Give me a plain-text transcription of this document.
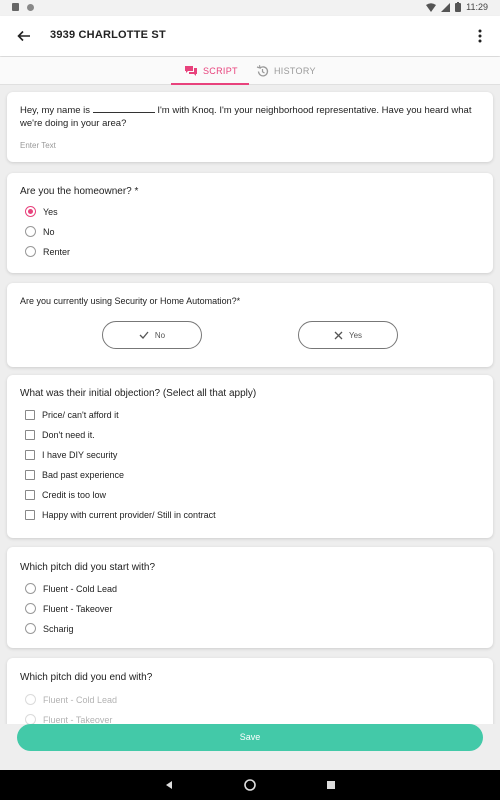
11:29
3939 CHARLOTTE ST
SCRIPT	HISTORY
Hey, my name is	I'm with Knoq. I'm your neighborhood representative. Have you heard what we're doing in your area?
Enter Text
Are you the homeowner? *
Yes
No
Renter
Are you currently using Security or Home Automation?*
No	Yes
What was their initial objection? (Select all that apply)
Price/ can't afford it
Don't need it.
I have DIY security
Bad past experience
Credit is too low
Happy with current provider/ Still in contract
Which pitch did you start with?
Fluent - Cold Lead
Fluent - Takeover
Scharig
Which pitch did you end with?
Fluent - Cold Lead
Fluent - Takeover
Save
